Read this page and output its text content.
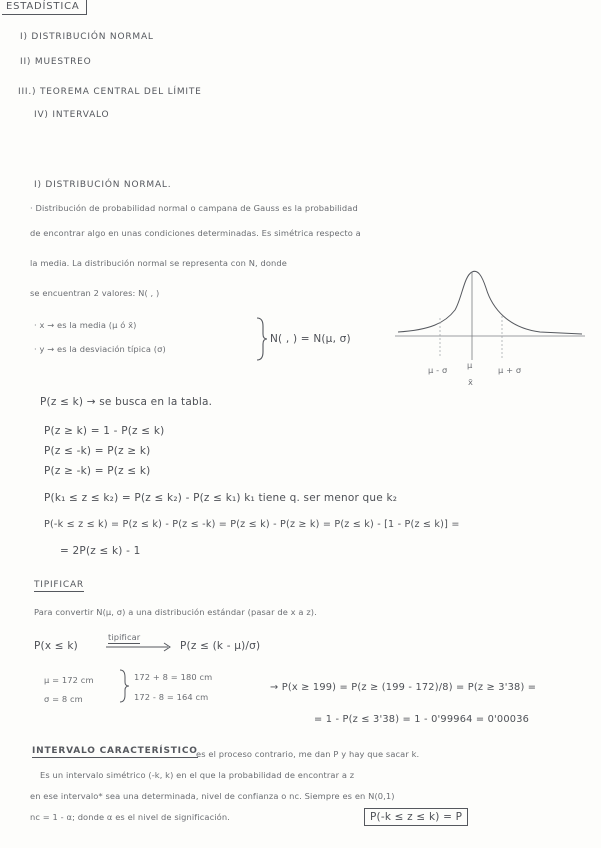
ESTADÍSTICA
I) DISTRIBUCIÓN NORMAL
II) MUESTREO
III.) TEOREMA CENTRAL DEL LÍMITE
IV) INTERVALO
I) DISTRIBUCIÓN NORMAL.
· Distribución de probabilidad normal o campana de Gauss es la probabilidad
de encontrar algo en unas condiciones determinadas. Es simétrica respecto a
la media. La distribución normal se representa con N, donde
se encuentran 2 valores: N( , )
· x → es la media (μ ó x̄)
· y → es la desviación típica (σ)
N( , ) = N(μ, σ)
μ - σ μ
x̄
μ + σ
P(z ≤ k) → se busca en la tabla.
P(z ≥ k) = 1 - P(z ≤ k)
P(z ≤ -k) = P(z ≥ k)
P(z ≥ -k) = P(z ≤ k)
P(k₁ ≤ z ≤ k₂) = P(z ≤ k₂) - P(z ≤ k₁) k₁ tiene q. ser menor que k₂
P(-k ≤ z ≤ k) = P(z ≤ k) - P(z ≤ -k) = P(z ≤ k) - P(z ≥ k) = P(z ≤ k) - [1 - P(z ≤ k)] =
= 2P(z ≤ k) - 1
TIPIFICAR
Para convertir N(μ, σ) a una distribución estándar (pasar de x a z).
P(x ≤ k)
tipificar
P(z ≤ (k - μ)/σ)
μ = 172 cm
σ = 8 cm
172 + 8 = 180 cm
172 - 8 = 164 cm
→ P(x ≥ 199) = P(z ≥ (199 - 172)/8) = P(z ≥ 3'38) =
= 1 - P(z ≤ 3'38) = 1 - 0'99964 = 0'00036
INTERVALO CARACTERÍSTICO
es el proceso contrario, me dan P y hay que sacar k.
Es un intervalo simétrico (-k, k) en el que la probabilidad de encontrar a z
en ese intervalo* sea una determinada, nivel de confianza o nc. Siempre es en N(0,1)
nc = 1 - α; donde α es el nivel de significación.	P(-k ≤ z ≤ k) = P
